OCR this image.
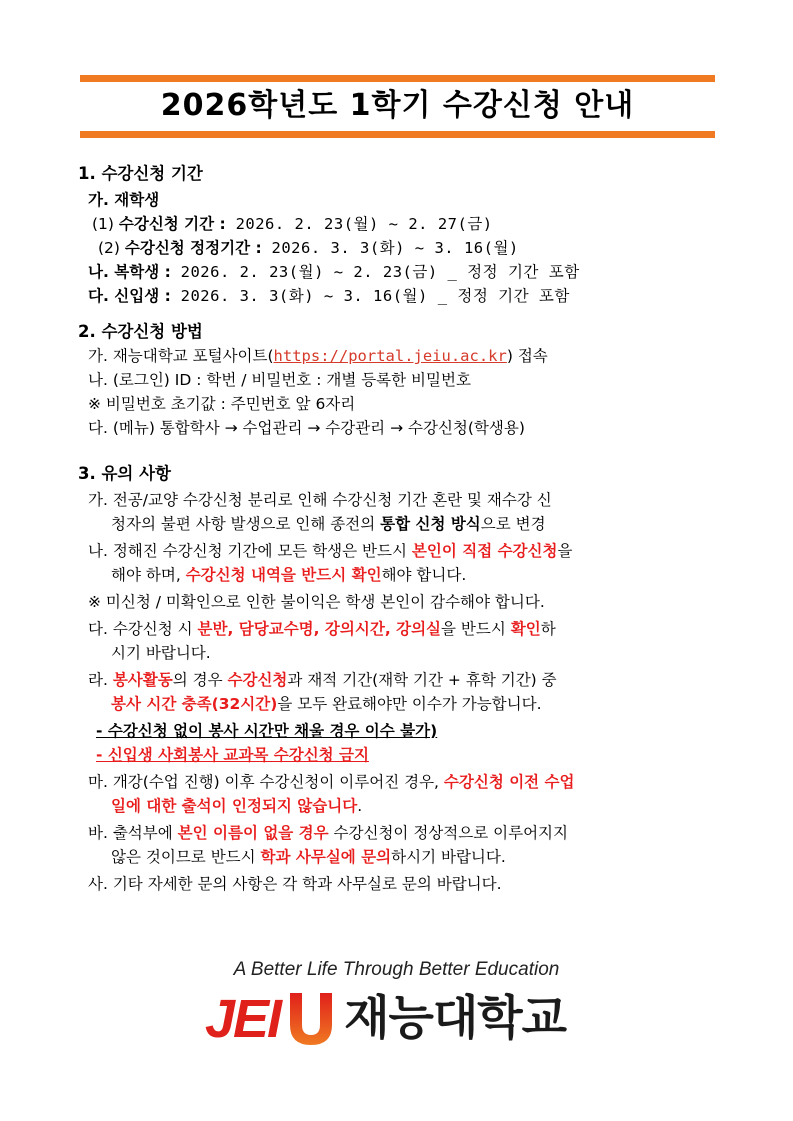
2026학년도 1학기 수강신청 안내
1. 수강신청 기간
가. 재학생
(1) 수강신청 기간 : 2026. 2. 23(월) ~ 2. 27(금)
(2) 수강신청 정정기간 : 2026. 3. 3(화) ~ 3. 16(월)
나. 복학생 : 2026. 2. 23(월) ~ 2. 23(금) _ 정정 기간 포함
다. 신입생 : 2026. 3. 3(화) ~ 3. 16(월) _ 정정 기간 포함
2. 수강신청 방법
가. 재능대학교 포털사이트(https://portal.jeiu.ac.kr) 접속
나. (로그인) ID : 학번 / 비밀번호 : 개별 등록한 비밀번호
※ 비밀번호 초기값 : 주민번호 앞 6자리
다. (메뉴) 통합학사 → 수업관리 → 수강관리 → 수강신청(학생용)
3. 유의 사항
가. 전공/교양 수강신청 분리로 인해 수강신청 기간 혼란 및 재수강 신
청자의 불편 사항 발생으로 인해 종전의 통합 신청 방식으로 변경
나. 정해진 수강신청 기간에 모든 학생은 반드시 본인이 직접 수강신청을
해야 하며, 수강신청 내역을 반드시 확인해야 합니다.
※ 미신청 / 미확인으로 인한 불이익은 학생 본인이 감수해야 합니다.
다. 수강신청 시 분반, 담당교수명, 강의시간, 강의실을 반드시 확인하
시기 바랍니다.
라. 봉사활동의 경우 수강신청과 재적 기간(재학 기간 + 휴학 기간) 중
봉사 시간 충족(32시간)을 모두 완료해야만 이수가 가능합니다.
- 수강신청 없이 봉사 시간만 채울 경우 이수 불가)
- 신입생 사회봉사 교과목 수강신청 금지
마. 개강(수업 진행) 이후 수강신청이 이루어진 경우, 수강신청 이전 수업
일에 대한 출석이 인정되지 않습니다.
바. 출석부에 본인 이름이 없을 경우 수강신청이 정상적으로 이루어지지
않은 것이므로 반드시 학과 사무실에 문의하시기 바랍니다.
사. 기타 자세한 문의 사항은 각 학과 사무실로 문의 바랍니다.
A Better Life Through Better Education
JEI 재능대학교
